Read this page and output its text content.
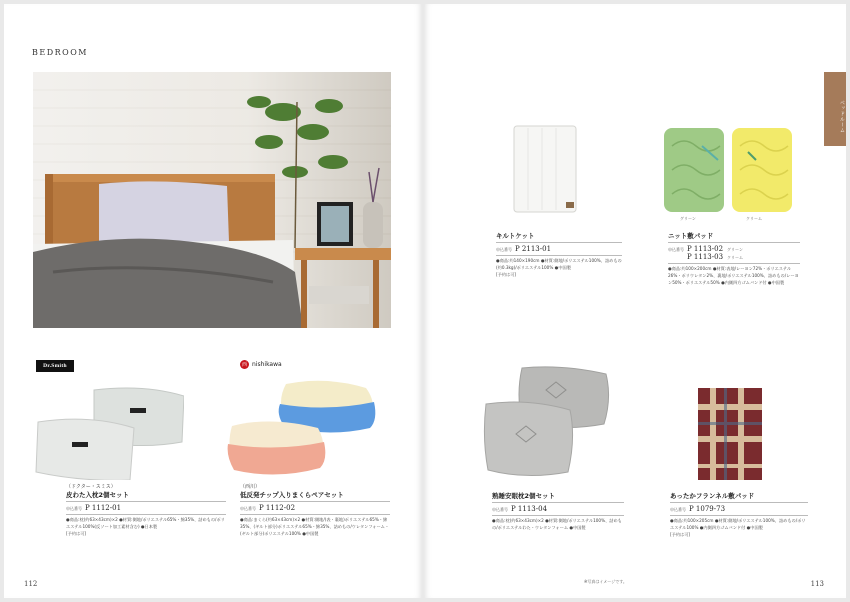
BEDROOM
Dr.Smith
（ドクター・スミス）
皮わた入枕2個セット
申込番号 P 1112-01
●商品:枕(約63×43cm)×2 ●材質:側地/ポリエステル65%・綿35%、詰めもの/ポリエステル100%(反ソート加工素材含む) ●日本製
[予約は可]
西 nishikawa
（西川）
低反発チップ入りまくらペアセット
申込番号 P 1112-02
●商品:まくら(約63×43cm)×2 ●材質:側地/(表・裏地)ポリエステル65%・綿35%、(ギルト部分)ポリエステル65%・綿35%、詰めもの/ウレタンフォーム・(ギルト部分)ポリエステル100% ●中国製
112
ベッドルーム
キルトケット
申込番号 P 2113-01
●商品:約140×190cm ●材質:側地/ポリエステル100%、詰めもの(約0.3kg)/ポリエステル100% ●中国製
[予約は可]
グリーン	クリーム
ニット敷パッド
申込番号 P 1113-02 グリーン
P 1113-03 クリーム
●商品:約100×200cm ●材質:表地/レーヨン72%・ポリエステル26%・ポリウレタン2%、裏地/ポリエステル100%、詰めもの/レーヨン50%・ポリエステル50% ●内側四方ゴムバンド付 ●中国製
熟睡安眠枕2個セット
申込番号 P 1113-04
●商品:枕(約63×43cm)×2 ●材質:側地/ポリエステル100%、詰めもの/ポリエステルわた・ウレタンフォーム ●中国製
あったかフランネル敷パッド
申込番号 P 1079-73
●商品:約100×205cm ●材質:側地/ポリエステル100%、詰めもの/ポリエステル100% ●内側四方ゴムバンド付 ●中国製
[予約は可]
※写真はイメージです。	113
